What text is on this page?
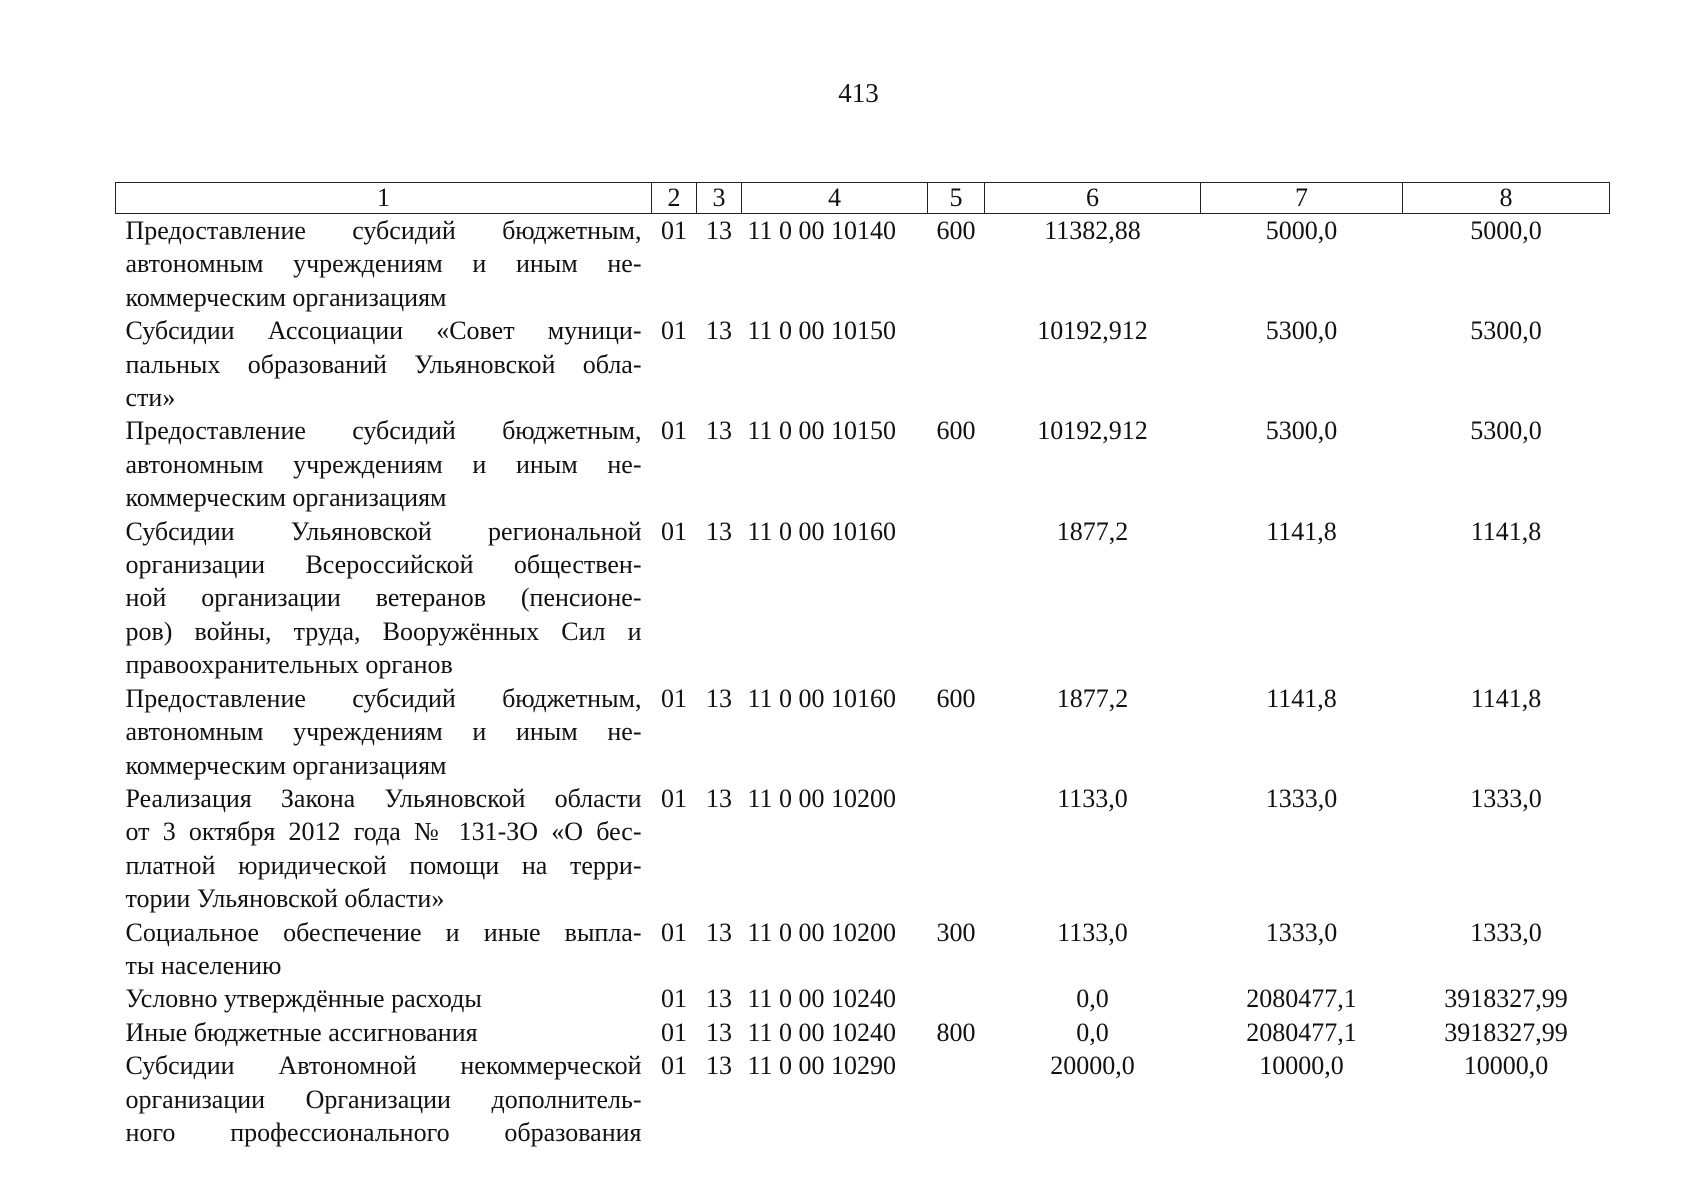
413
1	2	3	4	5	6	7	8

Предоставление субсидий бюджетным,
автономным учреждениям и иным не-
коммерческим организациям	01	13	11 0 00 10140	600	11382,88	5000,0	5000,0

Субсидии Ассоциации «Совет муници-
пальных образований Ульяновской обла-
сти»	01	13	11 0 00 10150		10192,912	5300,0	5300,0

Предоставление субсидий бюджетным,
автономным учреждениям и иным не-
коммерческим организациям	01	13	11 0 00 10150	600	10192,912	5300,0	5300,0

Субсидии Ульяновской региональной
организации Всероссийской обществен-
ной организации ветеранов (пенсионе-
ров) войны, труда, Вооружённых Сил и
правоохранительных органов	01	13	11 0 00 10160		1877,2	1141,8	1141,8

Предоставление субсидий бюджетным,
автономным учреждениям и иным не-
коммерческим организациям	01	13	11 0 00 10160	600	1877,2	1141,8	1141,8

Реализация Закона Ульяновской области
от 3 октября 2012 года № 131-ЗО «О бес-
платной юридической помощи на терри-
тории Ульяновской области»	01	13	11 0 00 10200		1133,0	1333,0	1333,0

Социальное обеспечение и иные выпла-
ты населению	01	13	11 0 00 10200	300	1133,0	1333,0	1333,0

Условно утверждённые расходы	01	13	11 0 00 10240		0,0	2080477,1	3918327,99

Иные бюджетные ассигнования	01	13	11 0 00 10240	800	0,0	2080477,1	3918327,99

Субсидии Автономной некоммерческой
организации Организации дополнитель-
ного профессионального образования	01	13	11 0 00 10290		20000,0	10000,0	10000,0
